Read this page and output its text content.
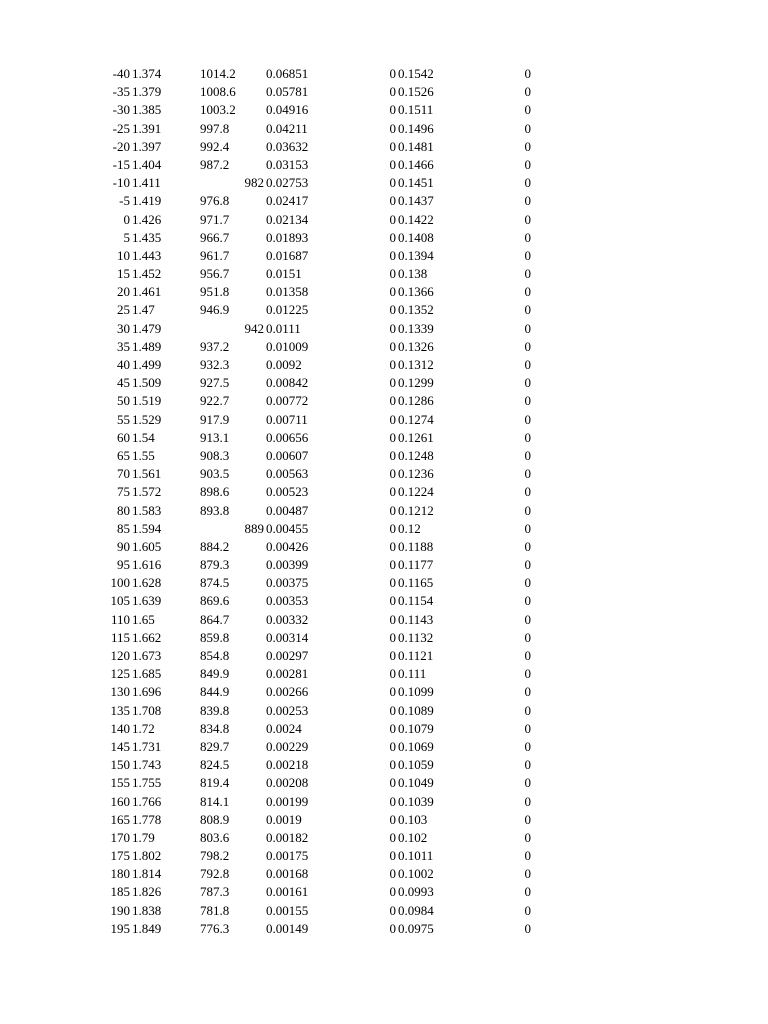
-40 1.374	1014.2 0.06851	0 0.1542	0
-35 1.379	1008.6 0.05781	0 0.1526	0
-30 1.385	1003.2 0.04916	0 0.1511	0
-25 1.391	997.8	0.04211	0 0.1496	0
-20 1.397	992.4	0.03632	0 0.1481	0
-15 1.404	987.2	0.03153	0 0.1466	0
-10 1.411	982 0.02753	0 0.1451	0
-5 1.419	976.8	0.02417	0 0.1437	0
0 1.426	971.7	0.02134	0 0.1422	0
5 1.435	966.7	0.01893	0 0.1408	0
10 1.443	961.7	0.01687	0 0.1394	0
15 1.452	956.7	0.0151	0 0.138	0
20 1.461	951.8	0.01358	0 0.1366	0
25 1.47	946.9	0.01225	0 0.1352	0
30 1.479	942 0.0111	0 0.1339	0
35 1.489	937.2	0.01009	0 0.1326	0
40 1.499	932.3	0.0092	0 0.1312	0
45 1.509	927.5	0.00842	0 0.1299	0
50 1.519	922.7	0.00772	0 0.1286	0
55 1.529	917.9	0.00711	0 0.1274	0
60 1.54	913.1	0.00656	0 0.1261	0
65 1.55	908.3	0.00607	0 0.1248	0
70 1.561	903.5	0.00563	0 0.1236	0
75 1.572	898.6	0.00523	0 0.1224	0
80 1.583	893.8	0.00487	0 0.1212	0
85 1.594	889 0.00455	0 0.12	0
90 1.605	884.2	0.00426	0 0.1188	0
95 1.616	879.3	0.00399	0 0.1177	0
100 1.628	874.5	0.00375	0 0.1165	0
105 1.639	869.6	0.00353	0 0.1154	0
110 1.65	864.7	0.00332	0 0.1143	0
115 1.662	859.8	0.00314	0 0.1132	0
120 1.673	854.8	0.00297	0 0.1121	0
125 1.685	849.9	0.00281	0 0.111	0
130 1.696	844.9	0.00266	0 0.1099	0
135 1.708	839.8	0.00253	0 0.1089	0
140 1.72	834.8	0.0024	0 0.1079	0
145 1.731	829.7	0.00229	0 0.1069	0
150 1.743	824.5	0.00218	0 0.1059	0
155 1.755	819.4	0.00208	0 0.1049	0
160 1.766	814.1	0.00199	0 0.1039	0
165 1.778	808.9	0.0019	0 0.103	0
170 1.79	803.6	0.00182	0 0.102	0
175 1.802	798.2	0.00175	0 0.1011	0
180 1.814	792.8	0.00168	0 0.1002	0
185 1.826	787.3	0.00161	0 0.0993	0
190 1.838	781.8	0.00155	0 0.0984	0
195 1.849	776.3	0.00149	0 0.0975	0
